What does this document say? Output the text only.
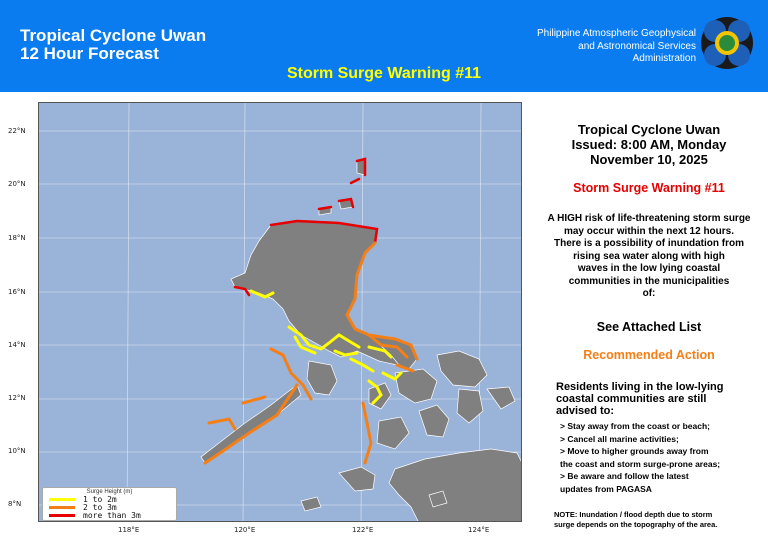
Tropical Cyclone Uwan
12 Hour Forecast
Storm Surge Warning #11
Philippine Atmospheric Geophysical
and Astronomical Services
Administration
22°N
20°N
18°N
16°N
14°N
12°N
10°N
8°N
118°E	120°E	122°E	124°E
Surge Height (m)
1 to 2m
2 to 3m
more than 3m
Tropical Cyclone Uwan
Issued: 8:00 AM, Monday
November 10, 2025
Storm Surge Warning #11
A HIGH risk of life-threatening storm surge
may occur within the next 12 hours.
There is a possibility of inundation from
rising sea water along with high
waves in the low lying coastal
communities in the municipalities
of:
See Attached List
Recommended Action
Residents living in the low-lying
coastal communities are still
advised to:
> Stay away from the coast or beach;
> Cancel all marine activities;
> Move to higher grounds away from
the coast and storm surge-prone areas;
> Be aware and follow the latest
updates from PAGASA
NOTE: Inundation / flood depth due to storm
surge depends on the topography of the area.
